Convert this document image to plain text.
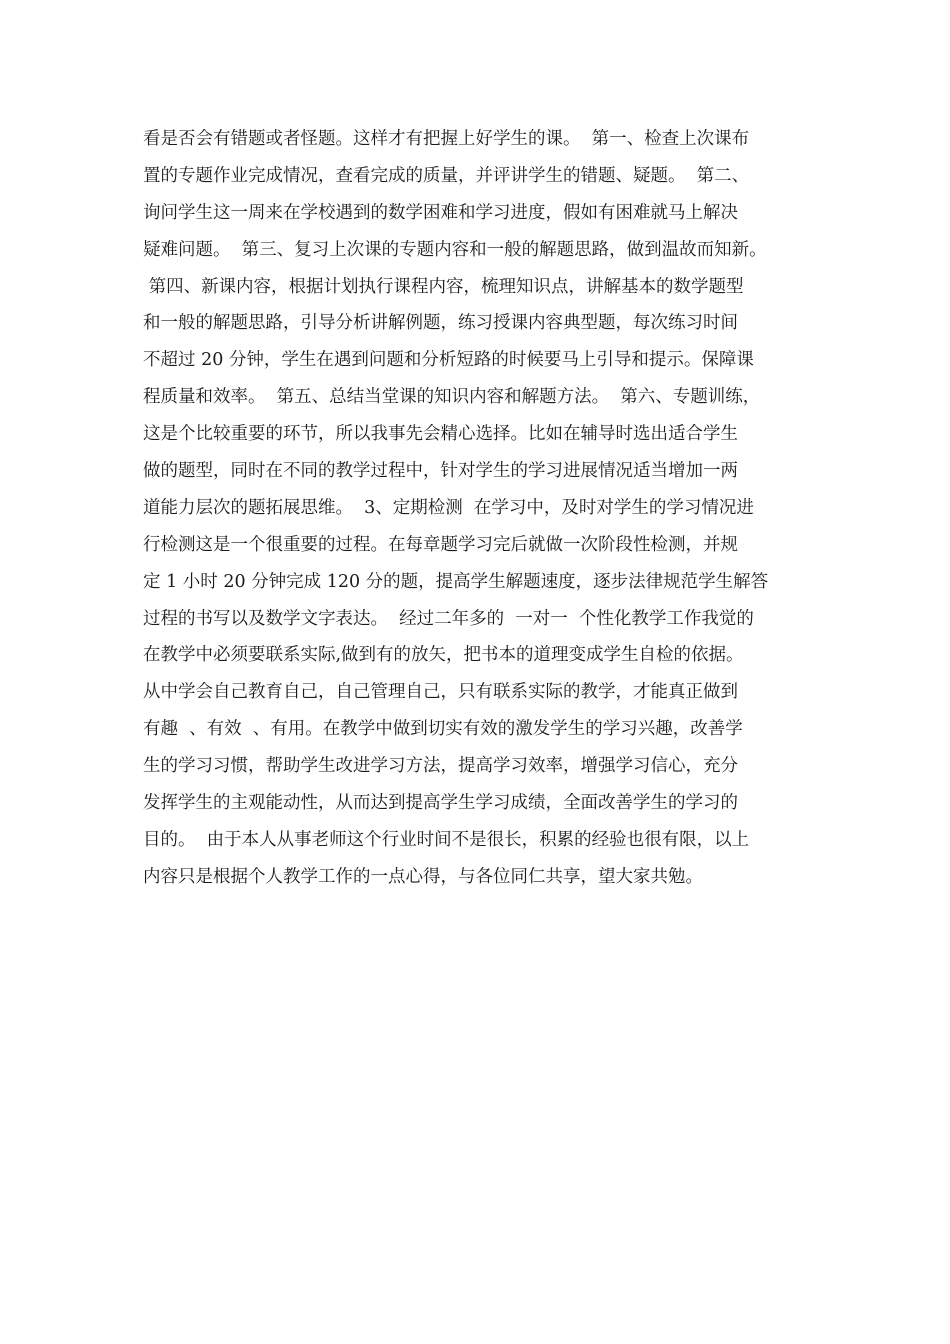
看是否会有错题或者怪题。这样才有把握上好学生的课。  第一、检查上次课布
置的专题作业完成情况，查看完成的质量，并评讲学生的错题、疑题。  第二、
询问学生这一周来在学校遇到的数学困难和学习进度，假如有困难就马上解决
疑难问题。  第三、复习上次课的专题内容和一般的解题思路，做到温故而知新。
第四、新课内容，根据计划执行课程内容，梳理知识点，讲解基本的数学题型
和一般的解题思路，引导分析讲解例题，练习授课内容典型题，每次练习时间
不超过 20 分钟，学生在遇到问题和分析短路的时候要马上引导和提示。保障课
程质量和效率。  第五、总结当堂课的知识内容和解题方法。  第六、专题训练，
这是个比较重要的环节，所以我事先会精心选择。比如在辅导时选出适合学生
做的题型，同时在不同的教学过程中，针对学生的学习进展情况适当增加一两
道能力层次的题拓展思维。  3、定期检测  在学习中，及时对学生的学习情况进
行检测这是一个很重要的过程。在每章题学习完后就做一次阶段性检测，并规
定 1 小时 20 分钟完成 120 分的题，提高学生解题速度，逐步法律规范学生解答
过程的书写以及数学文字表达。  经过二年多的  一对一  个性化教学工作我觉的
在教学中必须要联系实际,做到有的放矢，把书本的道理变成学生自检的依据。
从中学会自己教育自己，自己管理自己，只有联系实际的教学，才能真正做到
有趣  、有效  、有用。在教学中做到切实有效的激发学生的学习兴趣，改善学
生的学习习惯，帮助学生改进学习方法，提高学习效率，增强学习信心，充分
发挥学生的主观能动性，从而达到提高学生学习成绩，全面改善学生的学习的
目的。  由于本人从事老师这个行业时间不是很长，积累的经验也很有限，以上
内容只是根据个人教学工作的一点心得，与各位同仁共享，望大家共勉。
